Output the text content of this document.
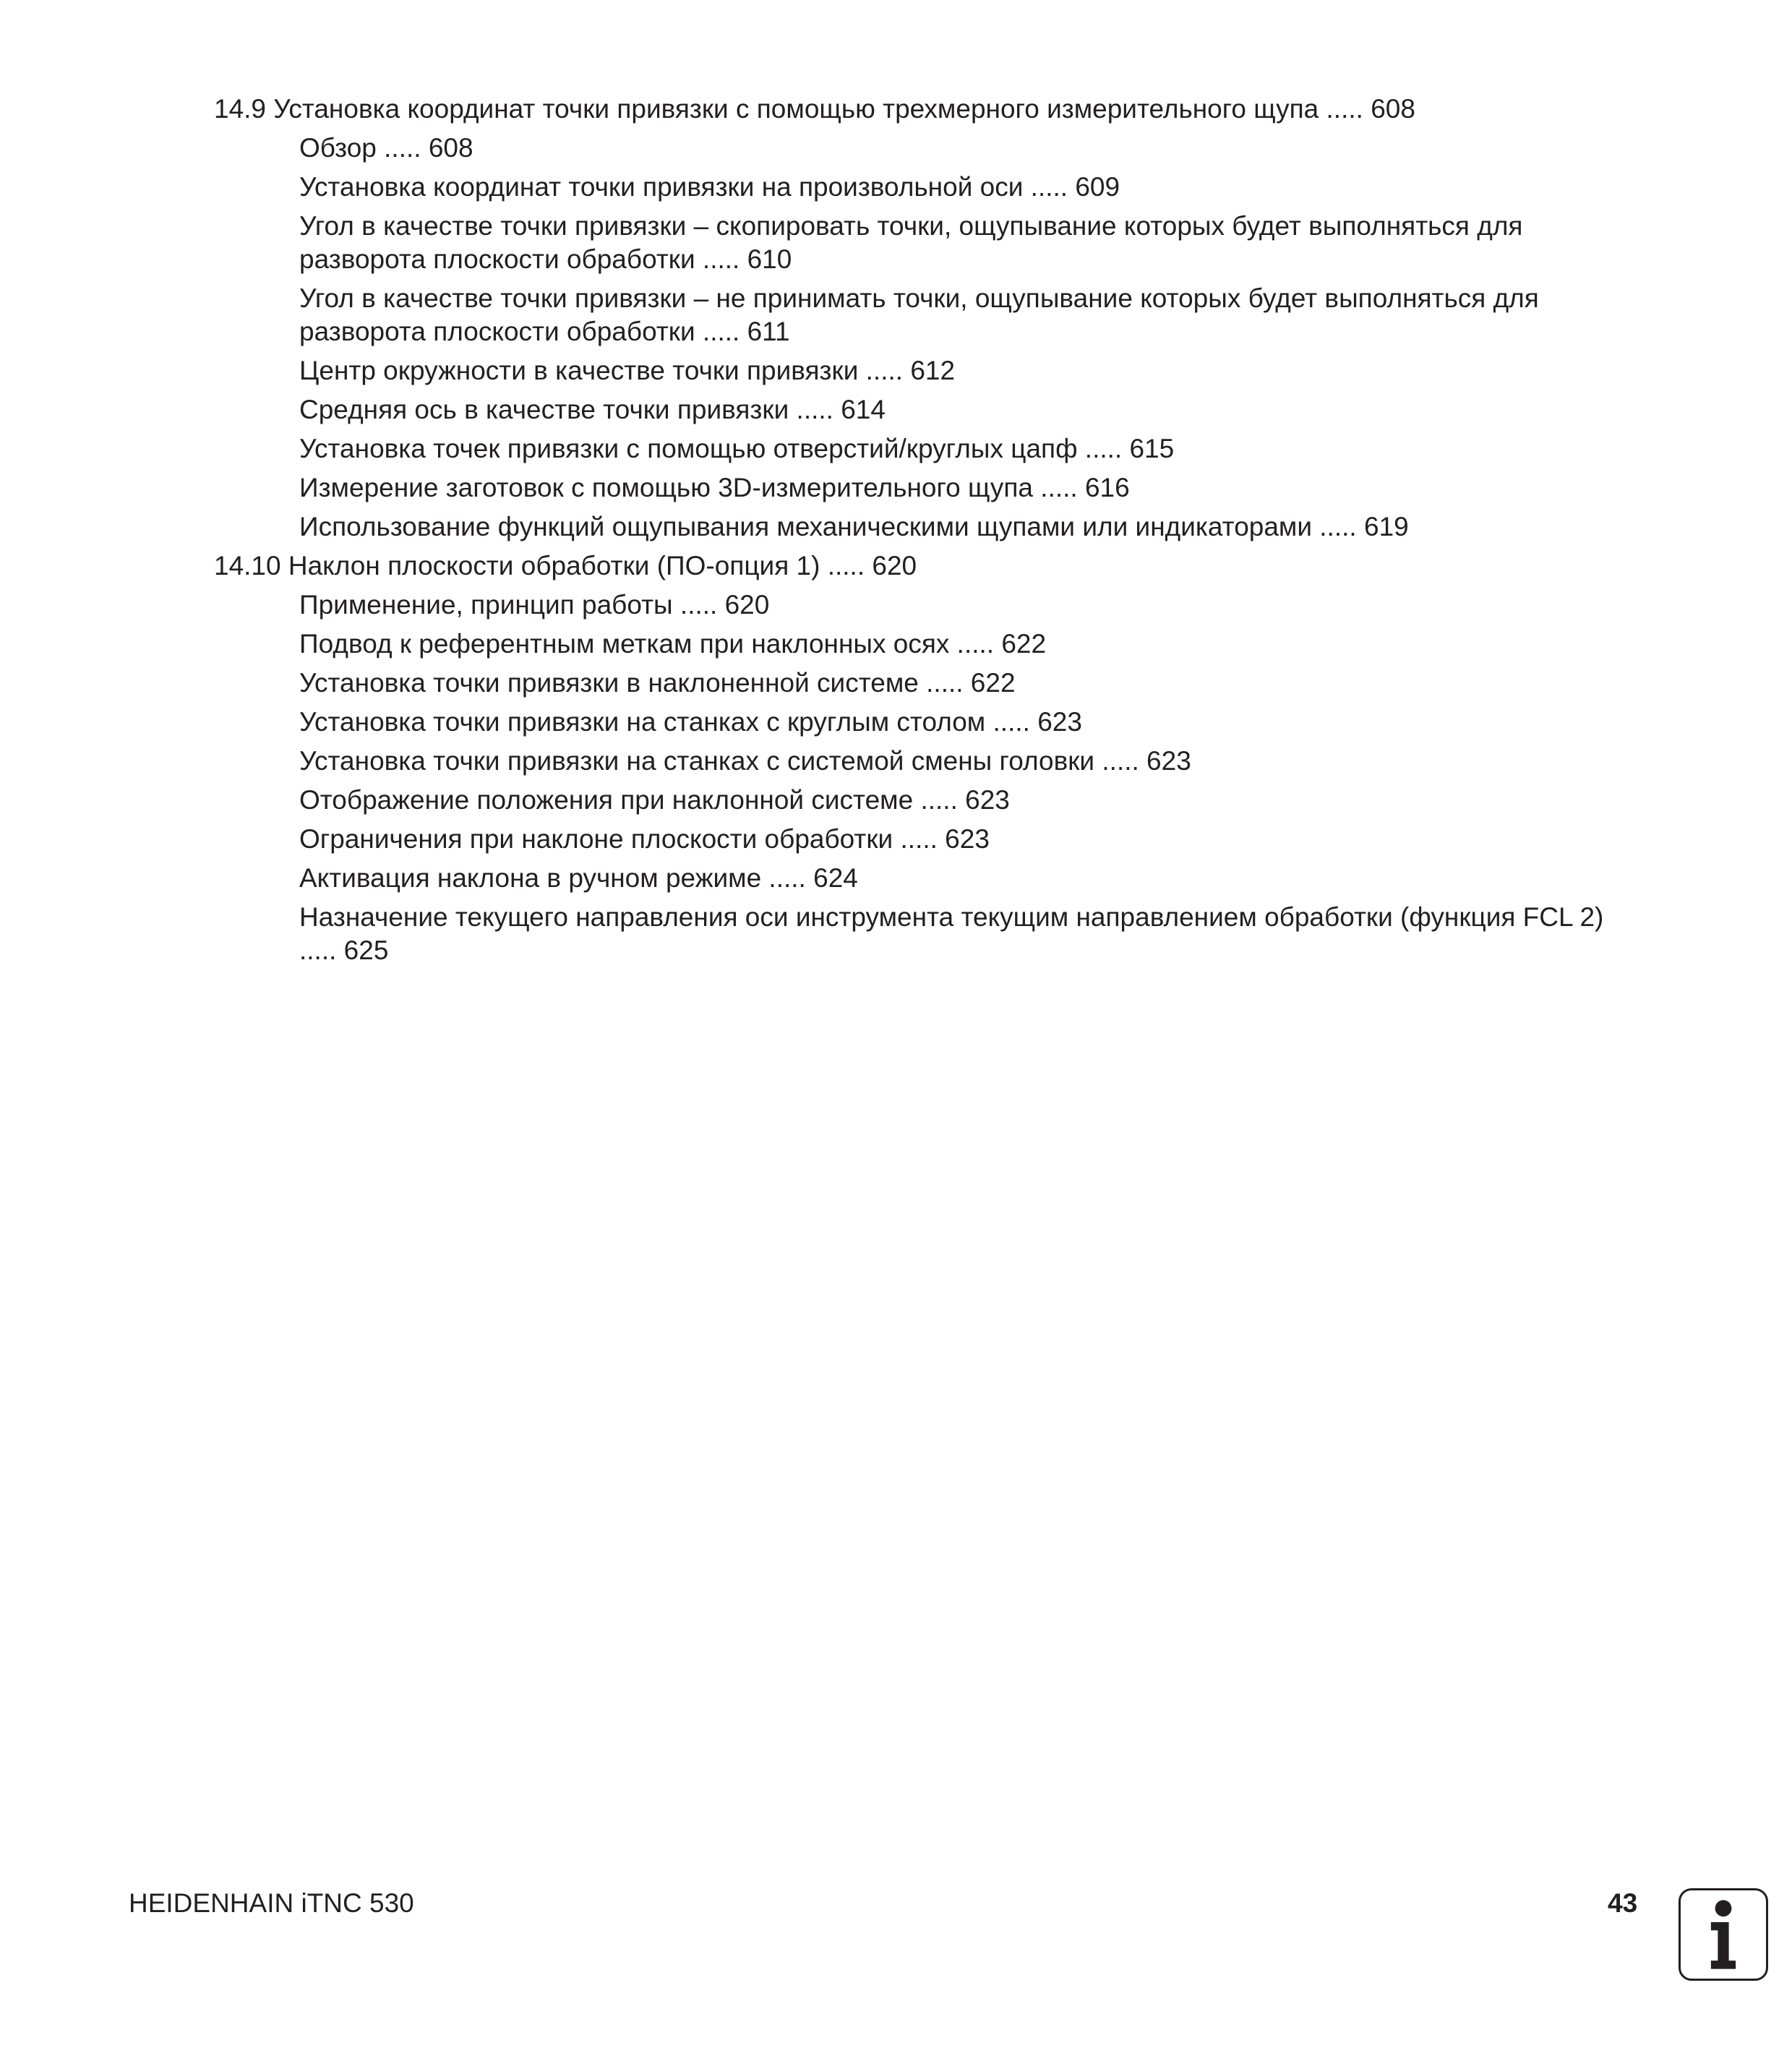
14.9 Установка координат точки привязки с помощью трехмерного измерительного щупа ..... 608
Обзор ..... 608
Установка координат точки привязки на произвольной оси ..... 609
Угол в качестве точки привязки – скопировать точки, ощупывание которых будет выполняться для разворота плоскости обработки ..... 610
Угол в качестве точки привязки – не принимать точки, ощупывание которых будет выполняться для разворота плоскости обработки ..... 611
Центр окружности в качестве точки привязки ..... 612
Средняя ось в качестве точки привязки ..... 614
Установка точек привязки с помощью отверстий/круглых цапф ..... 615
Измерение заготовок с помощью 3D-измерительного щупа ..... 616
Использование функций ощупывания механическими щупами или индикаторами ..... 619
14.10 Наклон плоскости обработки (ПО-опция 1) ..... 620
Применение, принцип работы ..... 620
Подвод к референтным меткам при наклонных осях ..... 622
Установка точки привязки в наклоненной системе ..... 622
Установка точки привязки на станках с круглым столом ..... 623
Установка точки привязки на станках с системой смены головки ..... 623
Отображение положения при наклонной системе ..... 623
Ограничения при наклоне плоскости обработки ..... 623
Активация наклона в ручном режиме ..... 624
Назначение текущего направления оси инструмента текущим направлением обработки (функция FCL 2) ..... 625
HEIDENHAIN iTNC 530	43
